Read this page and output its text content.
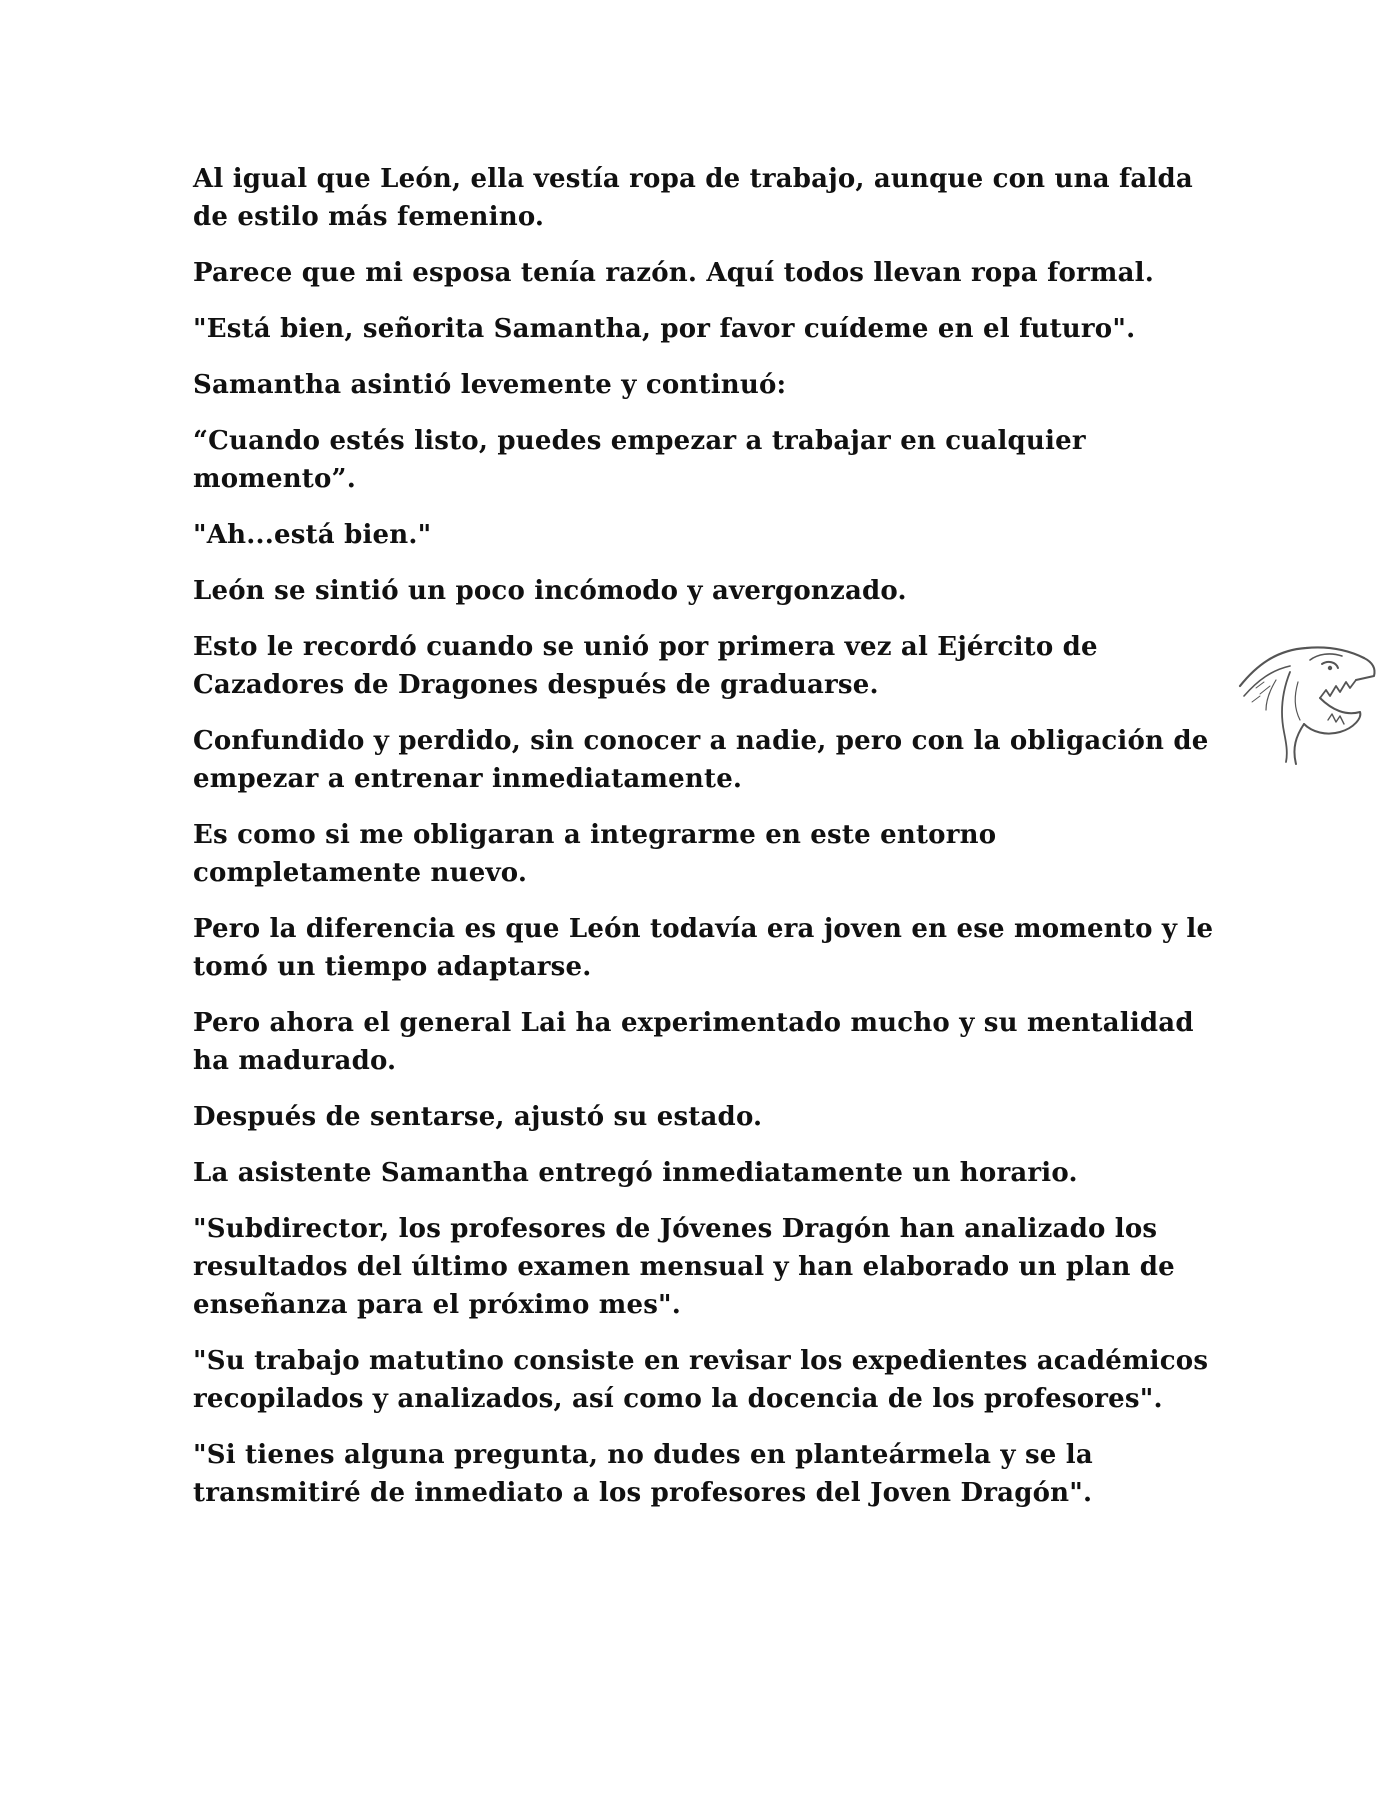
Al igual que León, ella vestía ropa de trabajo, aunque con una falda de estilo más femenino.

Parece que mi esposa tenía razón. Aquí todos llevan ropa formal.

"Está bien, señorita Samantha, por favor cuídeme en el futuro".

Samantha asintió levemente y continuó:

“Cuando estés listo, puedes empezar a trabajar en cualquier momento”.

"Ah...está bien."

León se sintió un poco incómodo y avergonzado.

Esto le recordó cuando se unió por primera vez al Ejército de Cazadores de Dragones después de graduarse.

Confundido y perdido, sin conocer a nadie, pero con la obligación de empezar a entrenar inmediatamente.

Es como si me obligaran a integrarme en este entorno completamente nuevo.

Pero la diferencia es que León todavía era joven en ese momento y le tomó un tiempo adaptarse.

Pero ahora el general Lai ha experimentado mucho y su mentalidad ha madurado.

Después de sentarse, ajustó su estado.

La asistente Samantha entregó inmediatamente un horario.

"Subdirector, los profesores de Jóvenes Dragón han analizado los resultados del último examen mensual y han elaborado un plan de enseñanza para el próximo mes".

"Su trabajo matutino consiste en revisar los expedientes académicos recopilados y analizados, así como la docencia de los profesores".

"Si tienes alguna pregunta, no dudes en planteármela y se la transmitiré de inmediato a los profesores del Joven Dragón".
